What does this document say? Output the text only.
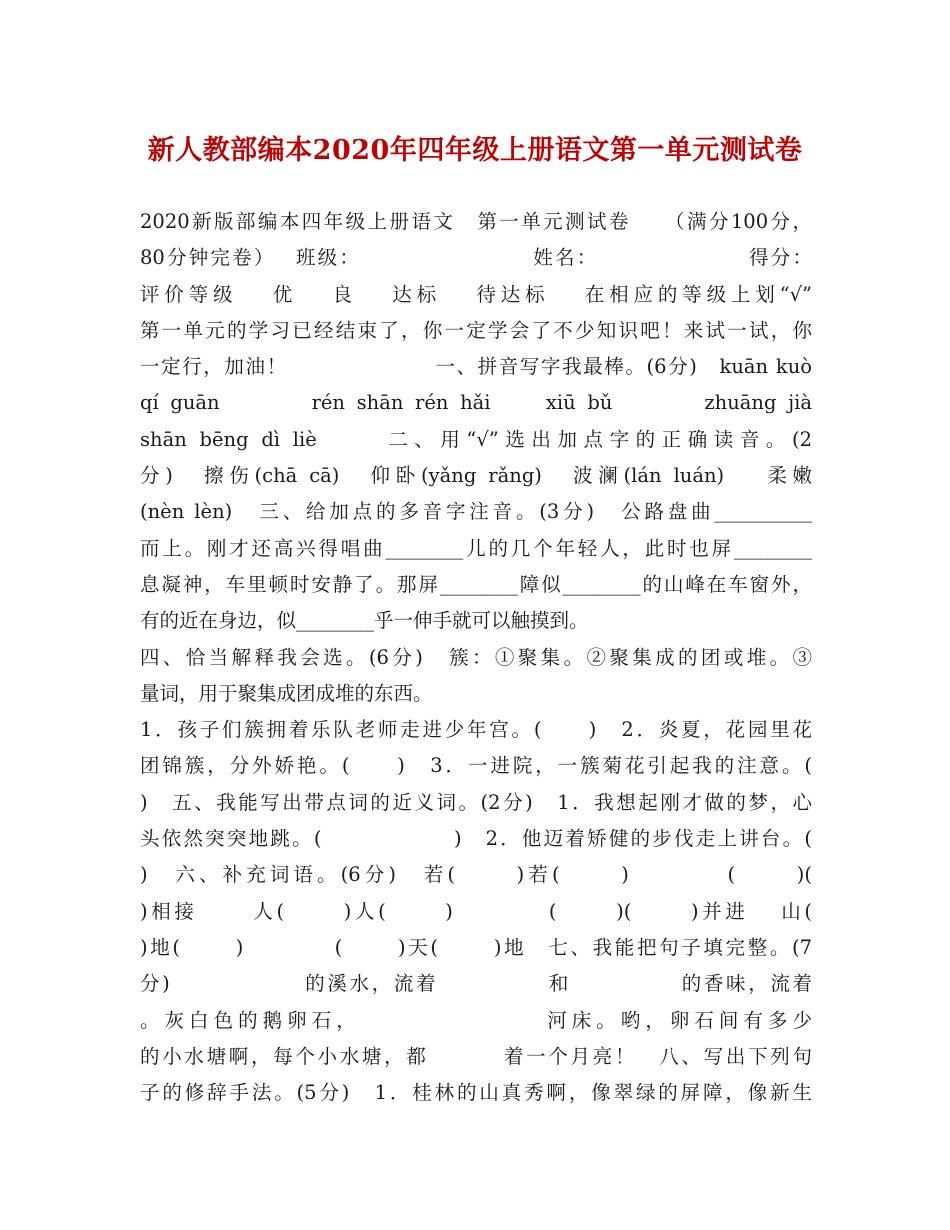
新人教部编本2020年四年级上册语文第一单元测试卷
2020新版部编本四年级上册语文　第一单元测试卷　　（满分100分，
80分钟完卷）　 班级：　　　　　　　　 姓名：　　　　　　　 得分：
评价等级　 优　 良　 达标　 待达标　 在相应的等级上划“√”
第一单元的学习已经结束了，你一定学会了不少知识吧！来试一试，你
一定行，加油！　　　　　　　一、拼音写字我最棒。(6分)　kuān kuò
qí guān　　　 rén shān rén hǎi　　xiū bǔ　　　 zhuāng jià
shān bēng dì liè　　 二、用“√”选出加点字的正确读音。(2
分)　擦伤(chā cā)　仰卧(yǎng rǎng)　波澜(lán luán)　 柔嫩
(nèn lèn)　三、给加点的多音字注音。(3分)　公路盘曲__________
而上。刚才还高兴得唱曲________儿的几个年轻人，此时也屏________
息凝神，车里顿时安静了。那屏________障似________的山峰在车窗外，
有的近在身边，似________乎一伸手就可以触摸到。
四、恰当解释我会选。(6分)　簇：①聚集。②聚集成的团或堆。③
量词，用于聚集成团成堆的东西。
1．孩子们簇拥着乐队老师走进少年宫。(　　)　2．炎夏，花园里花
团锦簇，分外娇艳。(　　)　3．一进院，一簇菊花引起我的注意。(
)　五、我能写出带点词的近义词。(2分)　1．我想起刚才做的梦，心
头依然突突地跳。(　　　　　　)　2．他迈着矫健的步伐走上讲台。(
)　六、补充词语。(6分)　若(　　 )若(　　 )　　　　(　　 )(
)相接　　 人(　　 )人(　　 )　　　　(　　 )(　　 )并进　 山(
)地(　　 )　　　　(　　 )天(　　 )地　七、我能把句子填完整。(7
分)　　　　　　的溪水，流着　　　　　和　　　　　的香味，流着
。灰白色的鹅卵石，　　　　　　　　河床。哟，卵石间有多少
的小水塘啊，每个小水塘，都　　　 着一个月亮！　八、写出下列句
子的修辞手法。(5分)　1．桂林的山真秀啊，像翠绿的屏障，像新生
